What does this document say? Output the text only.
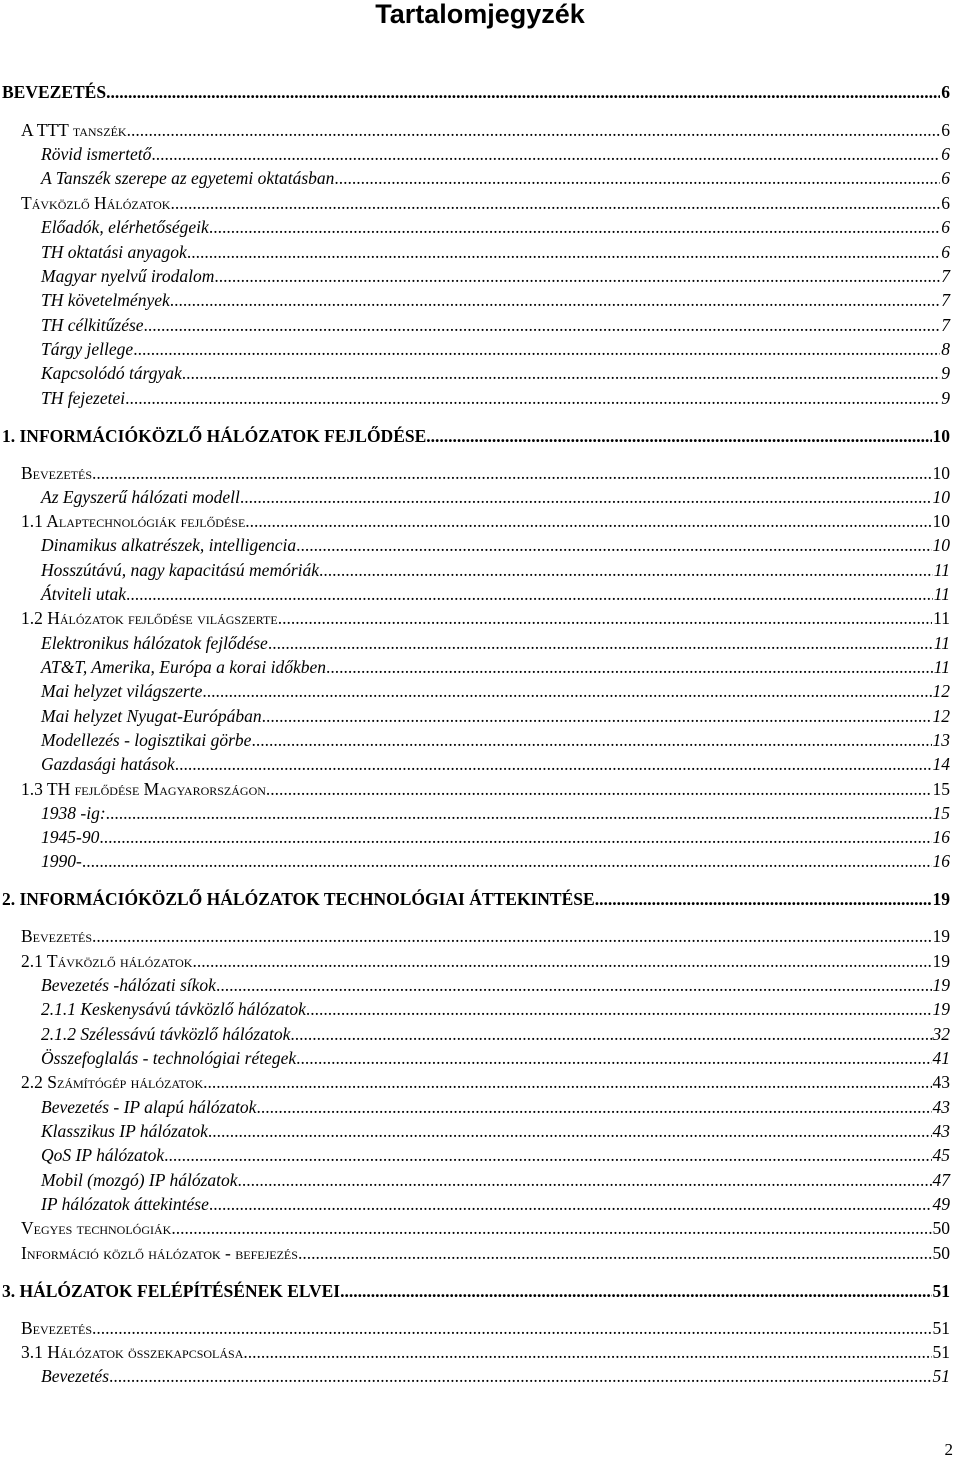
Tartalomjegyzék
BEVEZETÉS .....	6
A TTT tanszék .....	6
Rövid ismertető .....	6
A Tanszék szerepe az egyetemi oktatásban .....	6
Távközlő Hálózatok .....	6
Előadók, elérhetőségeik .....	6
TH oktatási anyagok .....	6
Magyar nyelvű irodalom .....	7
TH követelmények .....	7
TH célkitűzése .....	7
Tárgy jellege .....	8
Kapcsolódó tárgyak .....	9
TH fejezetei .....	9
1. INFORMÁCIÓKÖZLŐ HÁLÓZATOK FEJLŐDÉSE .....	10
Bevezetés .....	10
Az Egyszerű hálózati modell .....	10
1.1 Alaptechnológiák fejlődése .....	10
Dinamikus alkatrészek, intelligencia .....	10
Hosszútávú, nagy kapacitású memóriák .....	11
Átviteli utak .....	11
1.2 Hálózatok fejlődése világszerte .....	11
Elektronikus hálózatok fejlődése .....	11
AT&T, Amerika, Európa a korai időkben .....	11
Mai helyzet világszerte .....	12
Mai helyzet Nyugat-Európában .....	12
Modellezés - logisztikai görbe .....	13
Gazdasági hatások .....	14
1.3 TH fejlődése Magyarországon .....	15
1938 -ig: .....	15
1945-90 .....	16
1990- .....	16
2. INFORMÁCIÓKÖZLŐ HÁLÓZATOK TECHNOLÓGIAI ÁTTEKINTÉSE .....	19
Bevezetés .....	19
2.1 Távközlő hálózatok .....	19
Bevezetés -hálózati síkok .....	19
2.1.1 Keskenysávú távközlő hálózatok .....	19
2.1.2 Szélessávú távközlő hálózatok .....	32
Összefoglalás - technológiai rétegek .....	41
2.2 Számítógép hálózatok .....	43
Bevezetés - IP alapú hálózatok .....	43
Klasszikus IP hálózatok .....	43
QoS IP hálózatok .....	45
Mobil (mozgó) IP hálózatok .....	47
IP hálózatok áttekintése .....	49
Vegyes technológiák .....	50
Információ közlő hálózatok - befejezés .....	50
3. HÁLÓZATOK FELÉPÍTÉSÉNEK ELVEI .....	51
Bevezetés .....	51
3.1 Hálózatok összekapcsolása .....	51
Bevezetés .....	51
2
